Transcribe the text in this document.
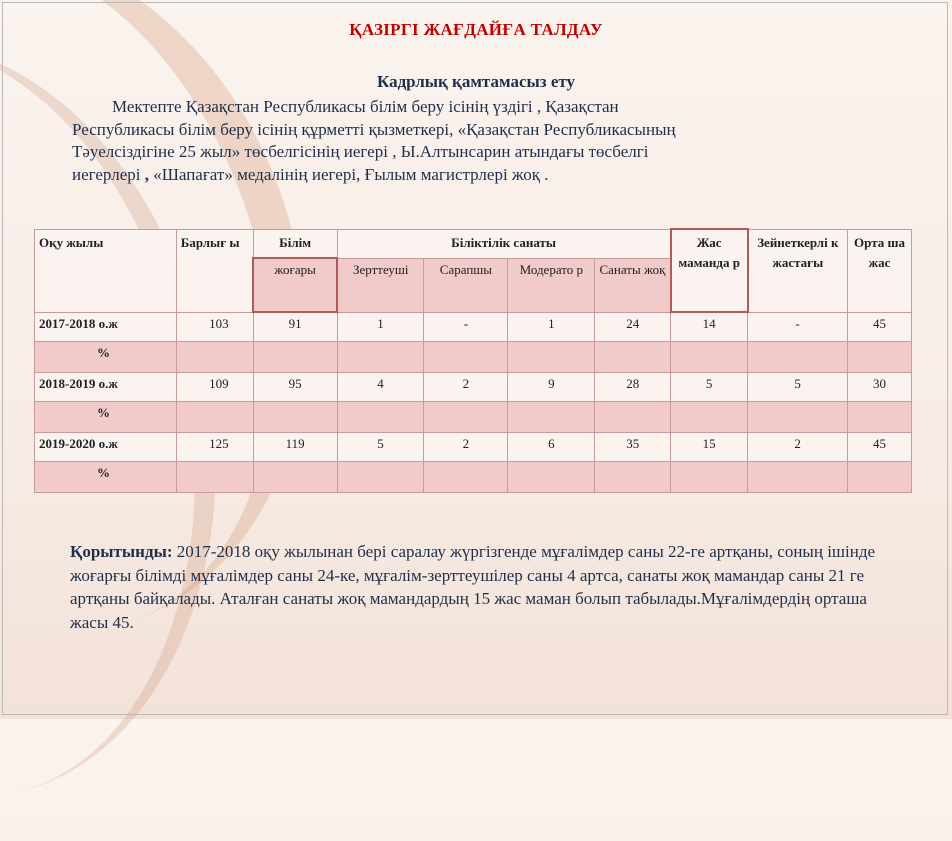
ҚАЗІРГІ ЖАҒДАЙҒА ТАЛДАУ
Кадрлық қамтамасыз ету
Мектепте Қазақстан Республикасы білім беру ісінің үздігі , Қазақстан
Республикасы білім беру ісінің құрметті қызметкері, «Қазақстан Республикасының
Тәуелсіздігіне 25 жыл» төсбелгісінің иегері , Ы.Алтынсарин атындағы төсбелгі
иегерлері , «Шапағат» медалінің иегері, Ғылым магистрлері жоқ .
Оқу жылы	Барлығ ы	Білім	Біліктілік санаты				Жас маманда р	Зейнеткерлі к жастағы	Орта ша жас
		жоғары	Зерттеуші	Сарапшы	Модерато р	Санаты жоқ			
2017-2018 о.ж	103	91	1	-	1	24	14	-	45
%									
2018-2019 о.ж	109	95	4	2	9	28	5	5	30
%									
2019-2020 о.ж	125	119	5	2	6	35	15	2	45
%									
Қорытынды: 2017-2018 оқу жылынан бері саралау жүргізгенде мұғалімдер саны 22-ге артқаны, соның ішінде жоғарғы білімді мұғалімдер саны 24-ке, мұғалім-зерттеушілер саны 4 артса, санаты жоқ мамандар саны 21 ге артқаны байқалады. Аталған санаты жоқ мамандардың 15 жас маман болып табылады.Мұғалімдердің орташа жасы 45.
